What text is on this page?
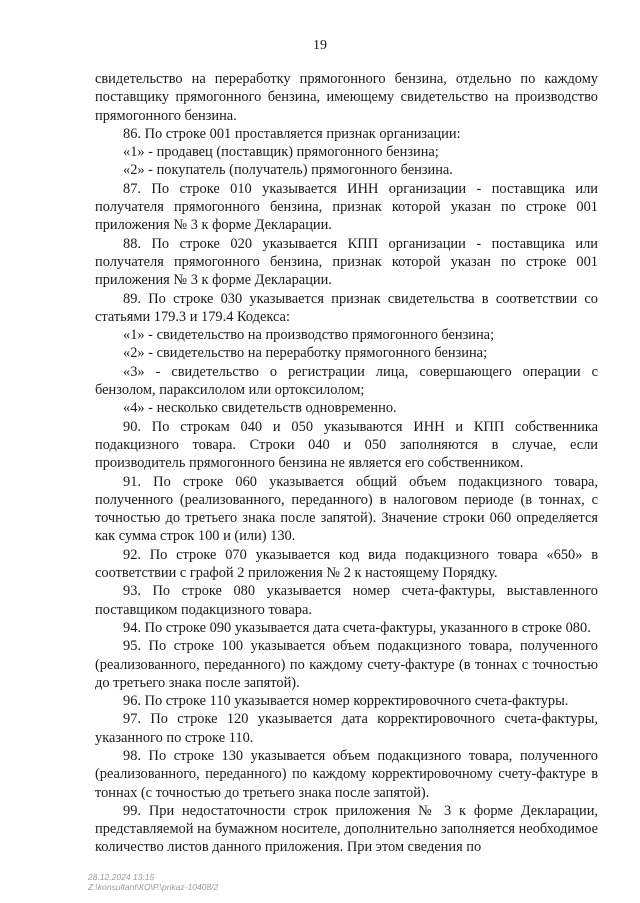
19

свидетельство на переработку прямогонного бензина, отдельно по каждому поставщику прямогонного бензина, имеющему свидетельство на производство прямогонного бензина.

86. По строке 001 проставляется признак организации:

«1» - продавец (поставщик) прямогонного бензина;

«2» - покупатель (получатель) прямогонного бензина.

87. По строке 010 указывается ИНН организации - поставщика или получателя прямогонного бензина, признак которой указан по строке 001 приложения № 3 к форме Декларации.

88. По строке 020 указывается КПП организации - поставщика или получателя прямогонного бензина, признак которой указан по строке 001 приложения № 3 к форме Декларации.

89. По строке 030 указывается признак свидетельства в соответствии со статьями 179.3 и 179.4 Кодекса:

«1» - свидетельство на производство прямогонного бензина;

«2» - свидетельство на переработку прямогонного бензина;

«3» - свидетельство о регистрации лица, совершающего операции с бензолом, параксилолом или ортоксилолом;

«4» - несколько свидетельств одновременно.

90. По строкам 040 и 050 указываются ИНН и КПП собственника подакцизного товара. Строки 040 и 050 заполняются в случае, если производитель прямогонного бензина не является его собственником.

91. По строке 060 указывается общий объем подакцизного товара, полученного (реализованного, переданного) в налоговом периоде (в тоннах, с точностью до третьего знака после запятой). Значение строки 060 определяется как сумма строк 100 и (или) 130.

92. По строке 070 указывается код вида подакцизного товара «650» в соответствии с графой 2 приложения № 2 к настоящему Порядку.

93. По строке 080 указывается номер счета-фактуры, выставленного поставщиком подакцизного товара.

94. По строке 090 указывается дата счета-фактуры, указанного в строке 080.

95. По строке 100 указывается объем подакцизного товара, полученного (реализованного, переданного) по каждому счету-фактуре (в тоннах с точностью до третьего знака после запятой).

96. По строке 110 указывается номер корректировочного счета-фактуры.

97. По строке 120 указывается дата корректировочного счета-фактуры, указанного по строке 110.

98. По строке 130 указывается объем подакцизного товара, полученного (реализованного, переданного) по каждому корректировочному счету-фактуре в тоннах (с точностью до третьего знака после запятой).

99. При недостаточности строк приложения № 3 к форме Декларации, представляемой на бумажном носителе, дополнительно заполняется необходимое количество листов данного приложения. При этом сведения по

28.12.2024 13:15
Z:\konsultant\КО\Р.\prikaz-10408/2
